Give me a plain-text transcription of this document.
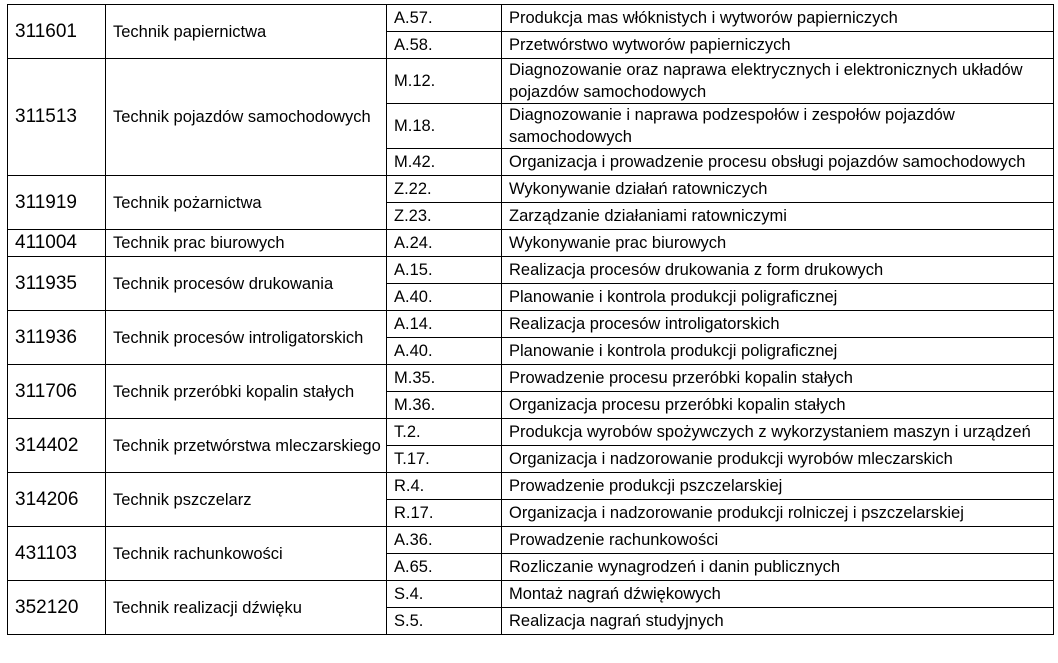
311601	Technik papiernictwa	A.57.	Produkcja mas włóknistych i wytworów papierniczych
		A.58.	Przetwórstwo wytworów papierniczych
311513	Technik pojazdów samochodowych	M.12.	Diagnozowanie oraz naprawa elektrycznych i elektronicznych układów pojazdów samochodowych
		M.18.	Diagnozowanie i naprawa podzespołów i zespołów pojazdów samochodowych
		M.42.	Organizacja i prowadzenie procesu obsługi pojazdów samochodowych
311919	Technik pożarnictwa	Z.22.	Wykonywanie działań ratowniczych
		Z.23.	Zarządzanie działaniami ratowniczymi
411004	Technik prac biurowych	A.24.	Wykonywanie prac biurowych
311935	Technik procesów drukowania	A.15.	Realizacja procesów drukowania z form drukowych
		A.40.	Planowanie i kontrola produkcji poligraficznej
311936	Technik procesów introligatorskich	A.14.	Realizacja procesów introligatorskich
		A.40.	Planowanie i kontrola produkcji poligraficznej
311706	Technik przeróbki kopalin stałych	M.35.	Prowadzenie procesu przeróbki kopalin stałych
		M.36.	Organizacja procesu przeróbki kopalin stałych
314402	Technik przetwórstwa mleczarskiego	T.2.	Produkcja wyrobów spożywczych z wykorzystaniem maszyn i urządzeń
		T.17.	Organizacja i nadzorowanie produkcji wyrobów mleczarskich
314206	Technik pszczelarz	R.4.	Prowadzenie produkcji pszczelarskiej
		R.17.	Organizacja i nadzorowanie produkcji rolniczej i pszczelarskiej
431103	Technik rachunkowości	A.36.	Prowadzenie rachunkowości
		A.65.	Rozliczanie wynagrodzeń i danin publicznych
352120	Technik realizacji dźwięku	S.4.	Montaż nagrań dźwiękowych
		S.5.	Realizacja nagrań studyjnych
